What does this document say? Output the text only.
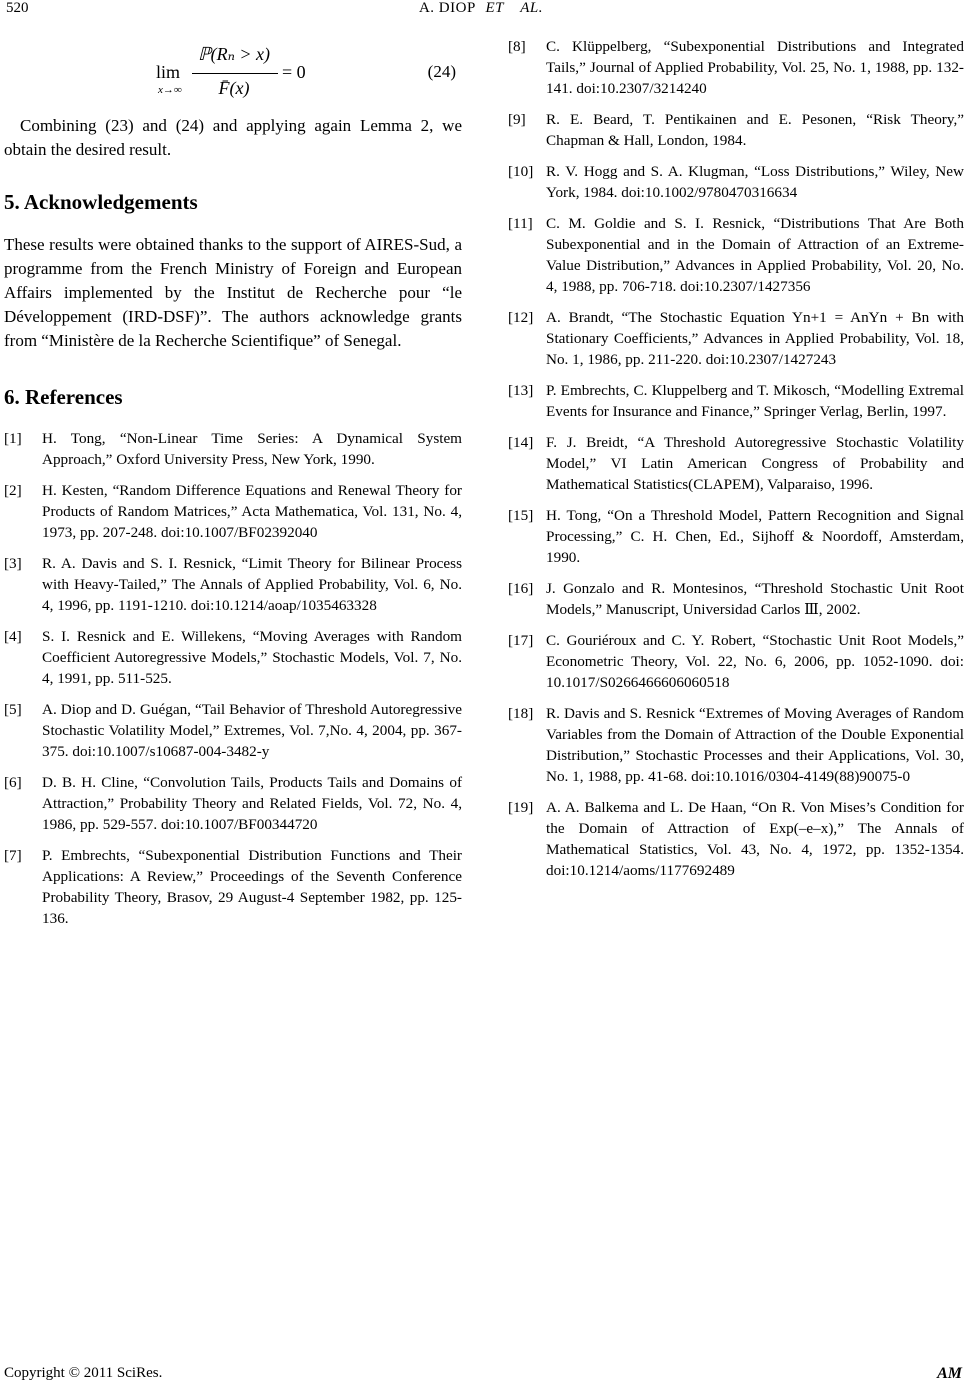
520	A. DIOP ET AL.
lim
x→∞
ℙ(Rₙ > x)
F̄(x)
= 0	(24)

Combining (23) and (24) and applying again Lemma 2, we obtain the desired result.

5. Acknowledgements

These results were obtained thanks to the support of AIRES-Sud, a programme from the French Ministry of Foreign and European Affairs implemented by the Institut de Recherche pour “le Développement (IRD-DSF)”. The authors acknowledge grants from “Ministère de la Recherche Scientifique” of Senegal.

6. References
[1] H. Tong, “Non-Linear Time Series: A Dynamical System Approach,” Oxford University Press, New York, 1990.
[2] H. Kesten, “Random Difference Equations and Renewal Theory for Products of Random Matrices,” Acta Mathematica, Vol. 131, No. 4, 1973, pp. 207-248. doi:10.1007/BF02392040
[3] R. A. Davis and S. I. Resnick, “Limit Theory for Bilinear Process with Heavy-Tailed,” The Annals of Applied Probability, Vol. 6, No. 4, 1996, pp. 1191-1210. doi:10.1214/aoap/1035463328
[4] S. I. Resnick and E. Willekens, “Moving Averages with Random Coefficient Autoregressive Models,” Stochastic Models, Vol. 7, No. 4, 1991, pp. 511-525.
[5] A. Diop and D. Guégan, “Tail Behavior of Threshold Autoregressive Stochastic Volatility Model,” Extremes, Vol. 7,No. 4, 2004, pp. 367-375. doi:10.1007/s10687-004-3482-y
[6] D. B. H. Cline, “Convolution Tails, Products Tails and Domains of Attraction,” Probability Theory and Related Fields, Vol. 72, No. 4, 1986, pp. 529-557. doi:10.1007/BF00344720
[7] P. Embrechts, “Subexponential Distribution Functions and Their Applications: A Review,” Proceedings of the Seventh Conference Probability Theory, Brasov, 29 August-4 September 1982, pp. 125-136.
[8] C. Klüppelberg, “Subexponential Distributions and Integrated Tails,” Journal of Applied Probability, Vol. 25, No. 1, 1988, pp. 132-141. doi:10.2307/3214240
[9] R. E. Beard, T. Pentikainen and E. Pesonen, “Risk Theory,” Chapman & Hall, London, 1984.
[10] R. V. Hogg and S. A. Klugman, “Loss Distributions,” Wiley, New York, 1984. doi:10.1002/9780470316634
[11] C. M. Goldie and S. I. Resnick, “Distributions That Are Both Subexponential and in the Domain of Attraction of an Extreme-Value Distribution,” Advances in Applied Probability, Vol. 20, No. 4, 1988, pp. 706-718. doi:10.2307/1427356
[12] A. Brandt, “The Stochastic Equation Yn+1 = AnYn + Bn with Stationary Coefficients,” Advances in Applied Probability, Vol. 18, No. 1, 1986, pp. 211-220. doi:10.2307/1427243
[13] P. Embrechts, C. Kluppelberg and T. Mikosch, “Modelling Extremal Events for Insurance and Finance,” Springer Verlag, Berlin, 1997.
[14] F. J. Breidt, “A Threshold Autoregressive Stochastic Volatility Model,” VI Latin American Congress of Probability and Mathematical Statistics(CLAPEM), Valparaiso, 1996.
[15] H. Tong, “On a Threshold Model, Pattern Recognition and Signal Processing,” C. H. Chen, Ed., Sijhoff & Noordoff, Amsterdam, 1990.
[16] J. Gonzalo and R. Montesinos, “Threshold Stochastic Unit Root Models,” Manuscript, Universidad Carlos Ⅲ, 2002.
[17] C. Gouriéroux and C. Y. Robert, “Stochastic Unit Root Models,” Econometric Theory, Vol. 22, No. 6, 2006, pp. 1052-1090. doi: 10.1017/S0266466606060518
[18] R. Davis and S. Resnick “Extremes of Moving Averages of Random Variables from the Domain of Attraction of the Double Exponential Distribution,” Stochastic Processes and their Applications, Vol. 30, No. 1, 1988, pp. 41-68. doi:10.1016/0304-4149(88)90075-0
[19] A. A. Balkema and L. De Haan, “On R. Von Mises’s Condition for the Domain of Attraction of Exp(–e–x),” The Annals of Mathematical Statistics, Vol. 43, No. 4, 1972, pp. 1352-1354. doi:10.1214/aoms/1177692489
Copyright © 2011 SciRes.	AM
